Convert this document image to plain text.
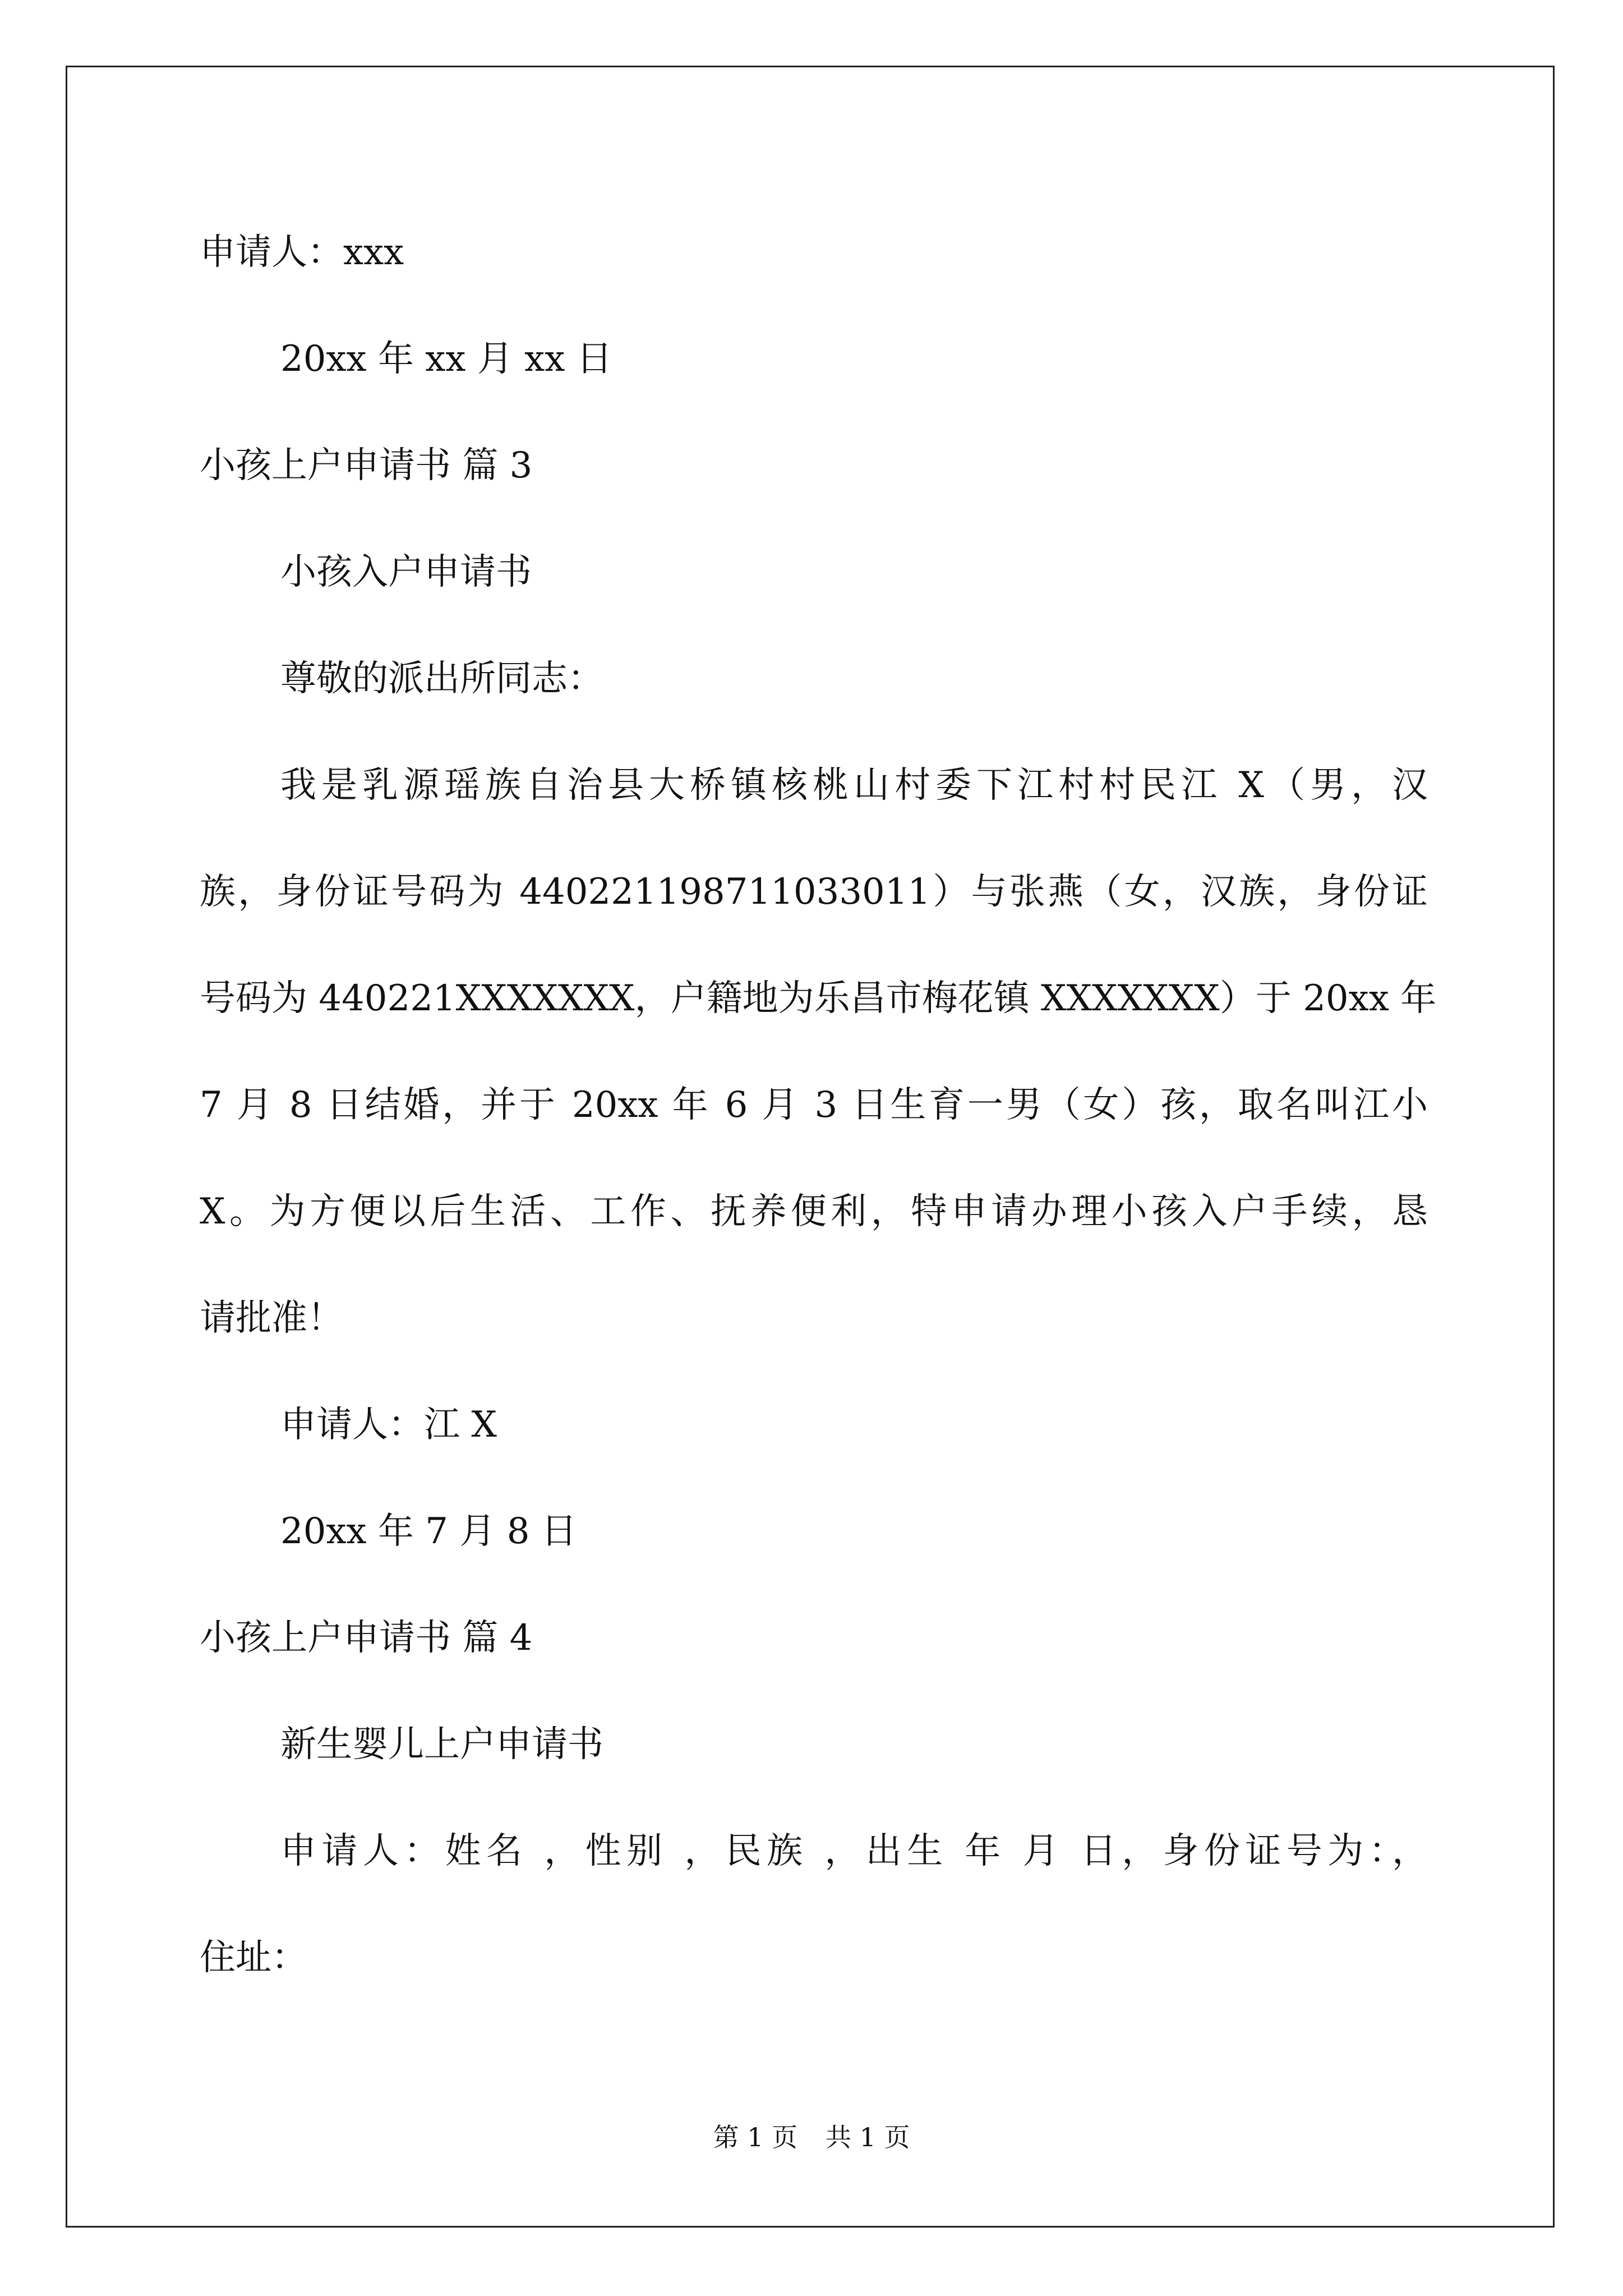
申请人：xxx
20xx 年 xx 月 xx 日
小孩上户申请书 篇 3
小孩入户申请书
尊敬的派出所同志：
我是乳源瑶族自治县大桥镇核桃山村委下江村村民江 X（男，汉
族，身份证号码为 440221198711033011）与张燕（女，汉族，身份证
号码为 440221XXXXXXX，户籍地为乐昌市梅花镇 XXXXXXX）于 20xx 年
7 月 8 日结婚，并于 20xx 年 6 月 3 日生育一男（女）孩，取名叫江小
X。为方便以后生活、工作、抚养便利，特申请办理小孩入户手续，恳
请批准！
申请人：江 X
20xx 年 7 月 8 日
小孩上户申请书 篇 4
新生婴儿上户申请书
申请人：姓名 ，性别 ，民族 ，出生 年 月 日，身份证号为：，
住址：
第 1 页 共 1 页
